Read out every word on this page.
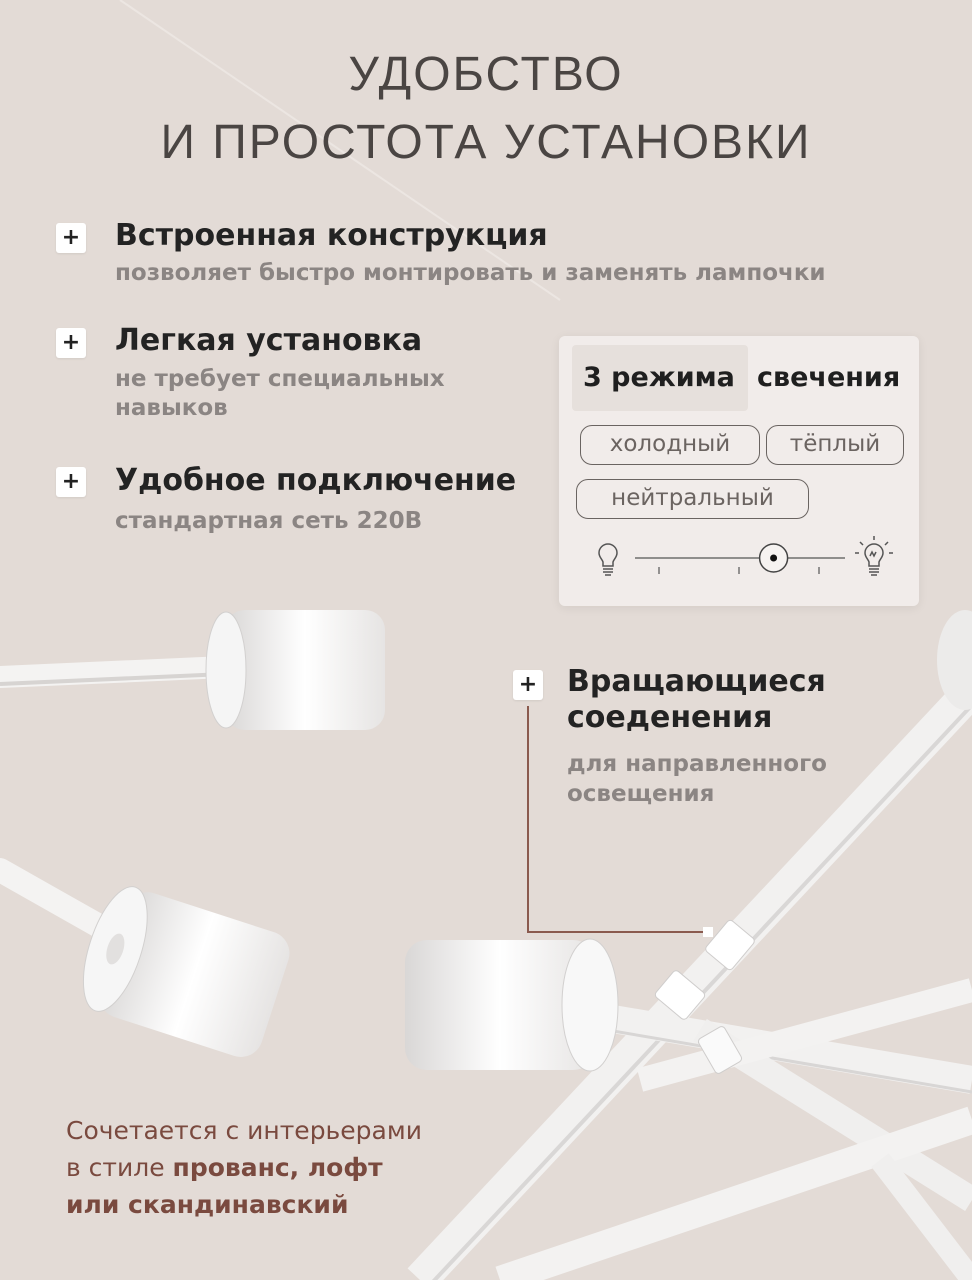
УДОБСТВО
И ПРОСТОТА УСТАНОВКИ
+ Встроенная конструкция
позволяет быстро монтировать и заменять лампочки
+ Легкая установка
не требует специальных
навыков
+ Удобное подключение
стандартная сеть 220В
+ Вращающиеся
соеденения
для направленного
освещения
3 режима свечения
холодный	тёплый
нейтральный
Сочетается с интерьерами
в стиле прованс, лофт
или скандинавский
